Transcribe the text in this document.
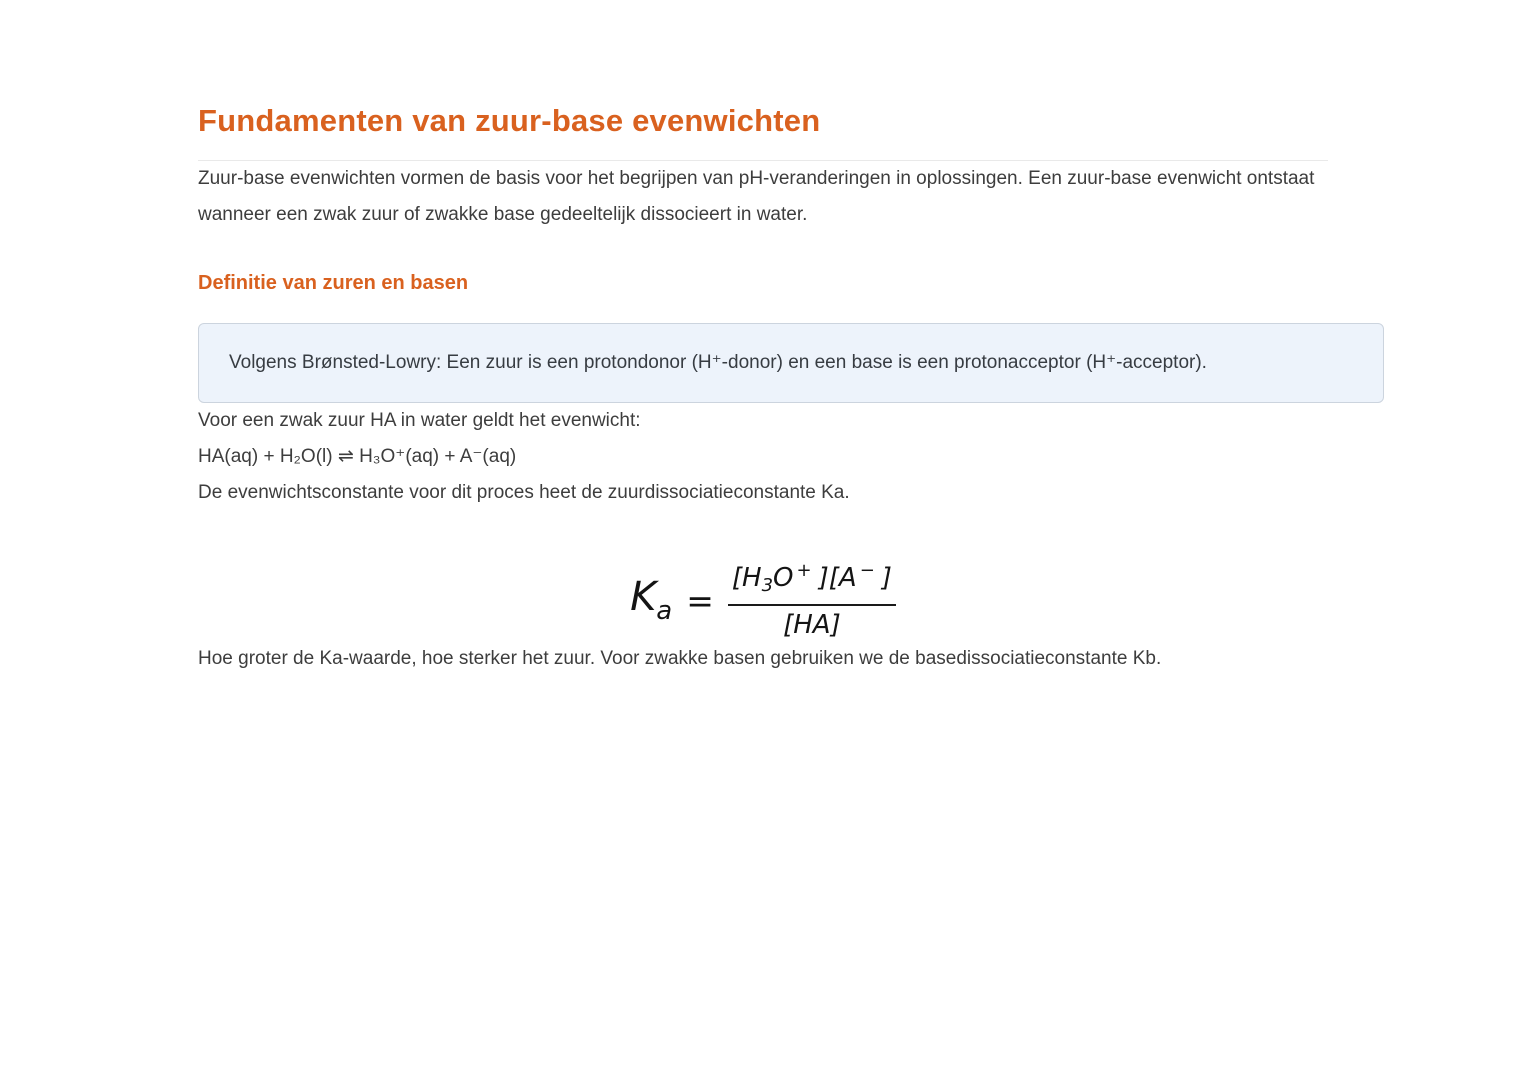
Fundamenten van zuur-base evenwichten

Zuur-base evenwichten vormen de basis voor het begrijpen van pH-veranderingen in oplossingen. Een zuur-base evenwicht ontstaat wanneer een zwak zuur of zwakke base gedeeltelijk dissocieert in water.

Definitie van zuren en basen

Volgens Brønsted-Lowry: Een zuur is een protondonor (H⁺-donor) en een base is een protonacceptor (H⁺-acceptor).

Voor een zwak zuur HA in water geldt het evenwicht:

HA(aq) + H₂O(l) ⇌ H₃O⁺(aq) + A⁻(aq)

De evenwichtsconstante voor dit proces heet de zuurdissociatieconstante Ka.

$K_a = \frac{[H_3O ^+ ][A ^- ]}{[HA]}$

Hoe groter de Ka-waarde, hoe sterker het zuur. Voor zwakke basen gebruiken we de basedissociatieconstante Kb.
